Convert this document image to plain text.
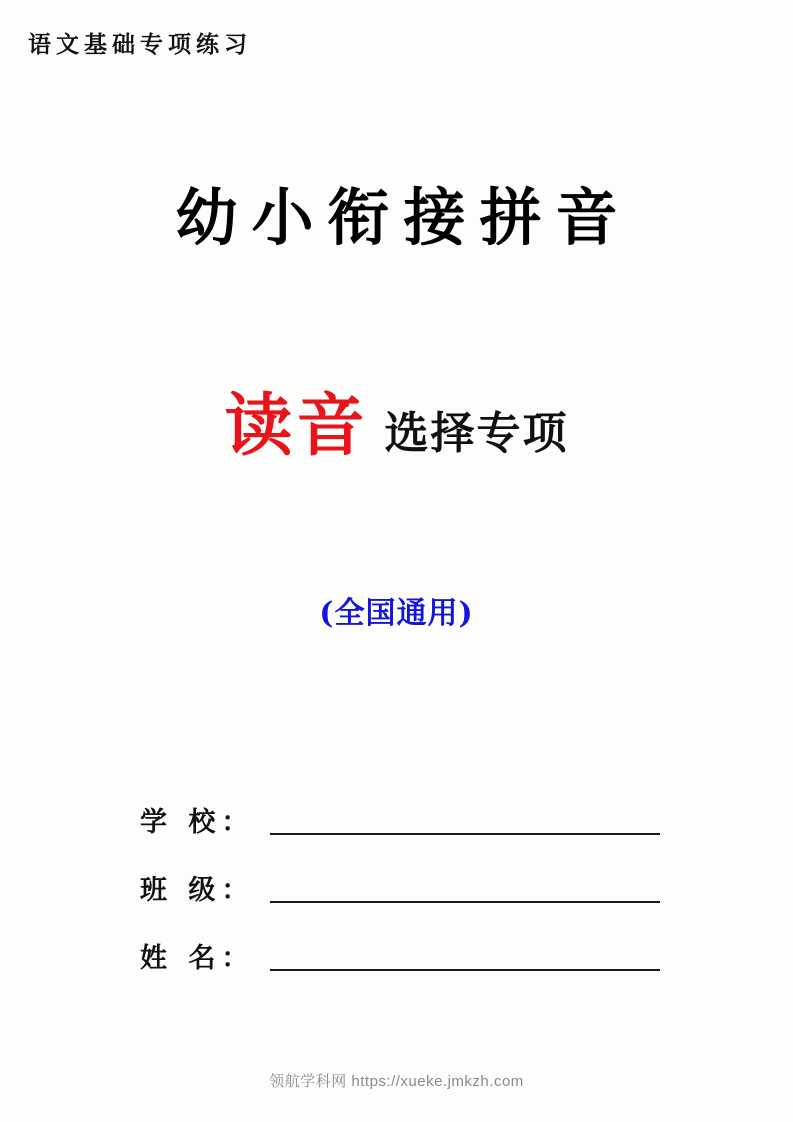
语文基础专项练习
幼小衔接拼音
读音 选择专项
(全国通用)
学 校：
班 级：
姓 名：
领航学科网 https://xueke.jmkzh.com
